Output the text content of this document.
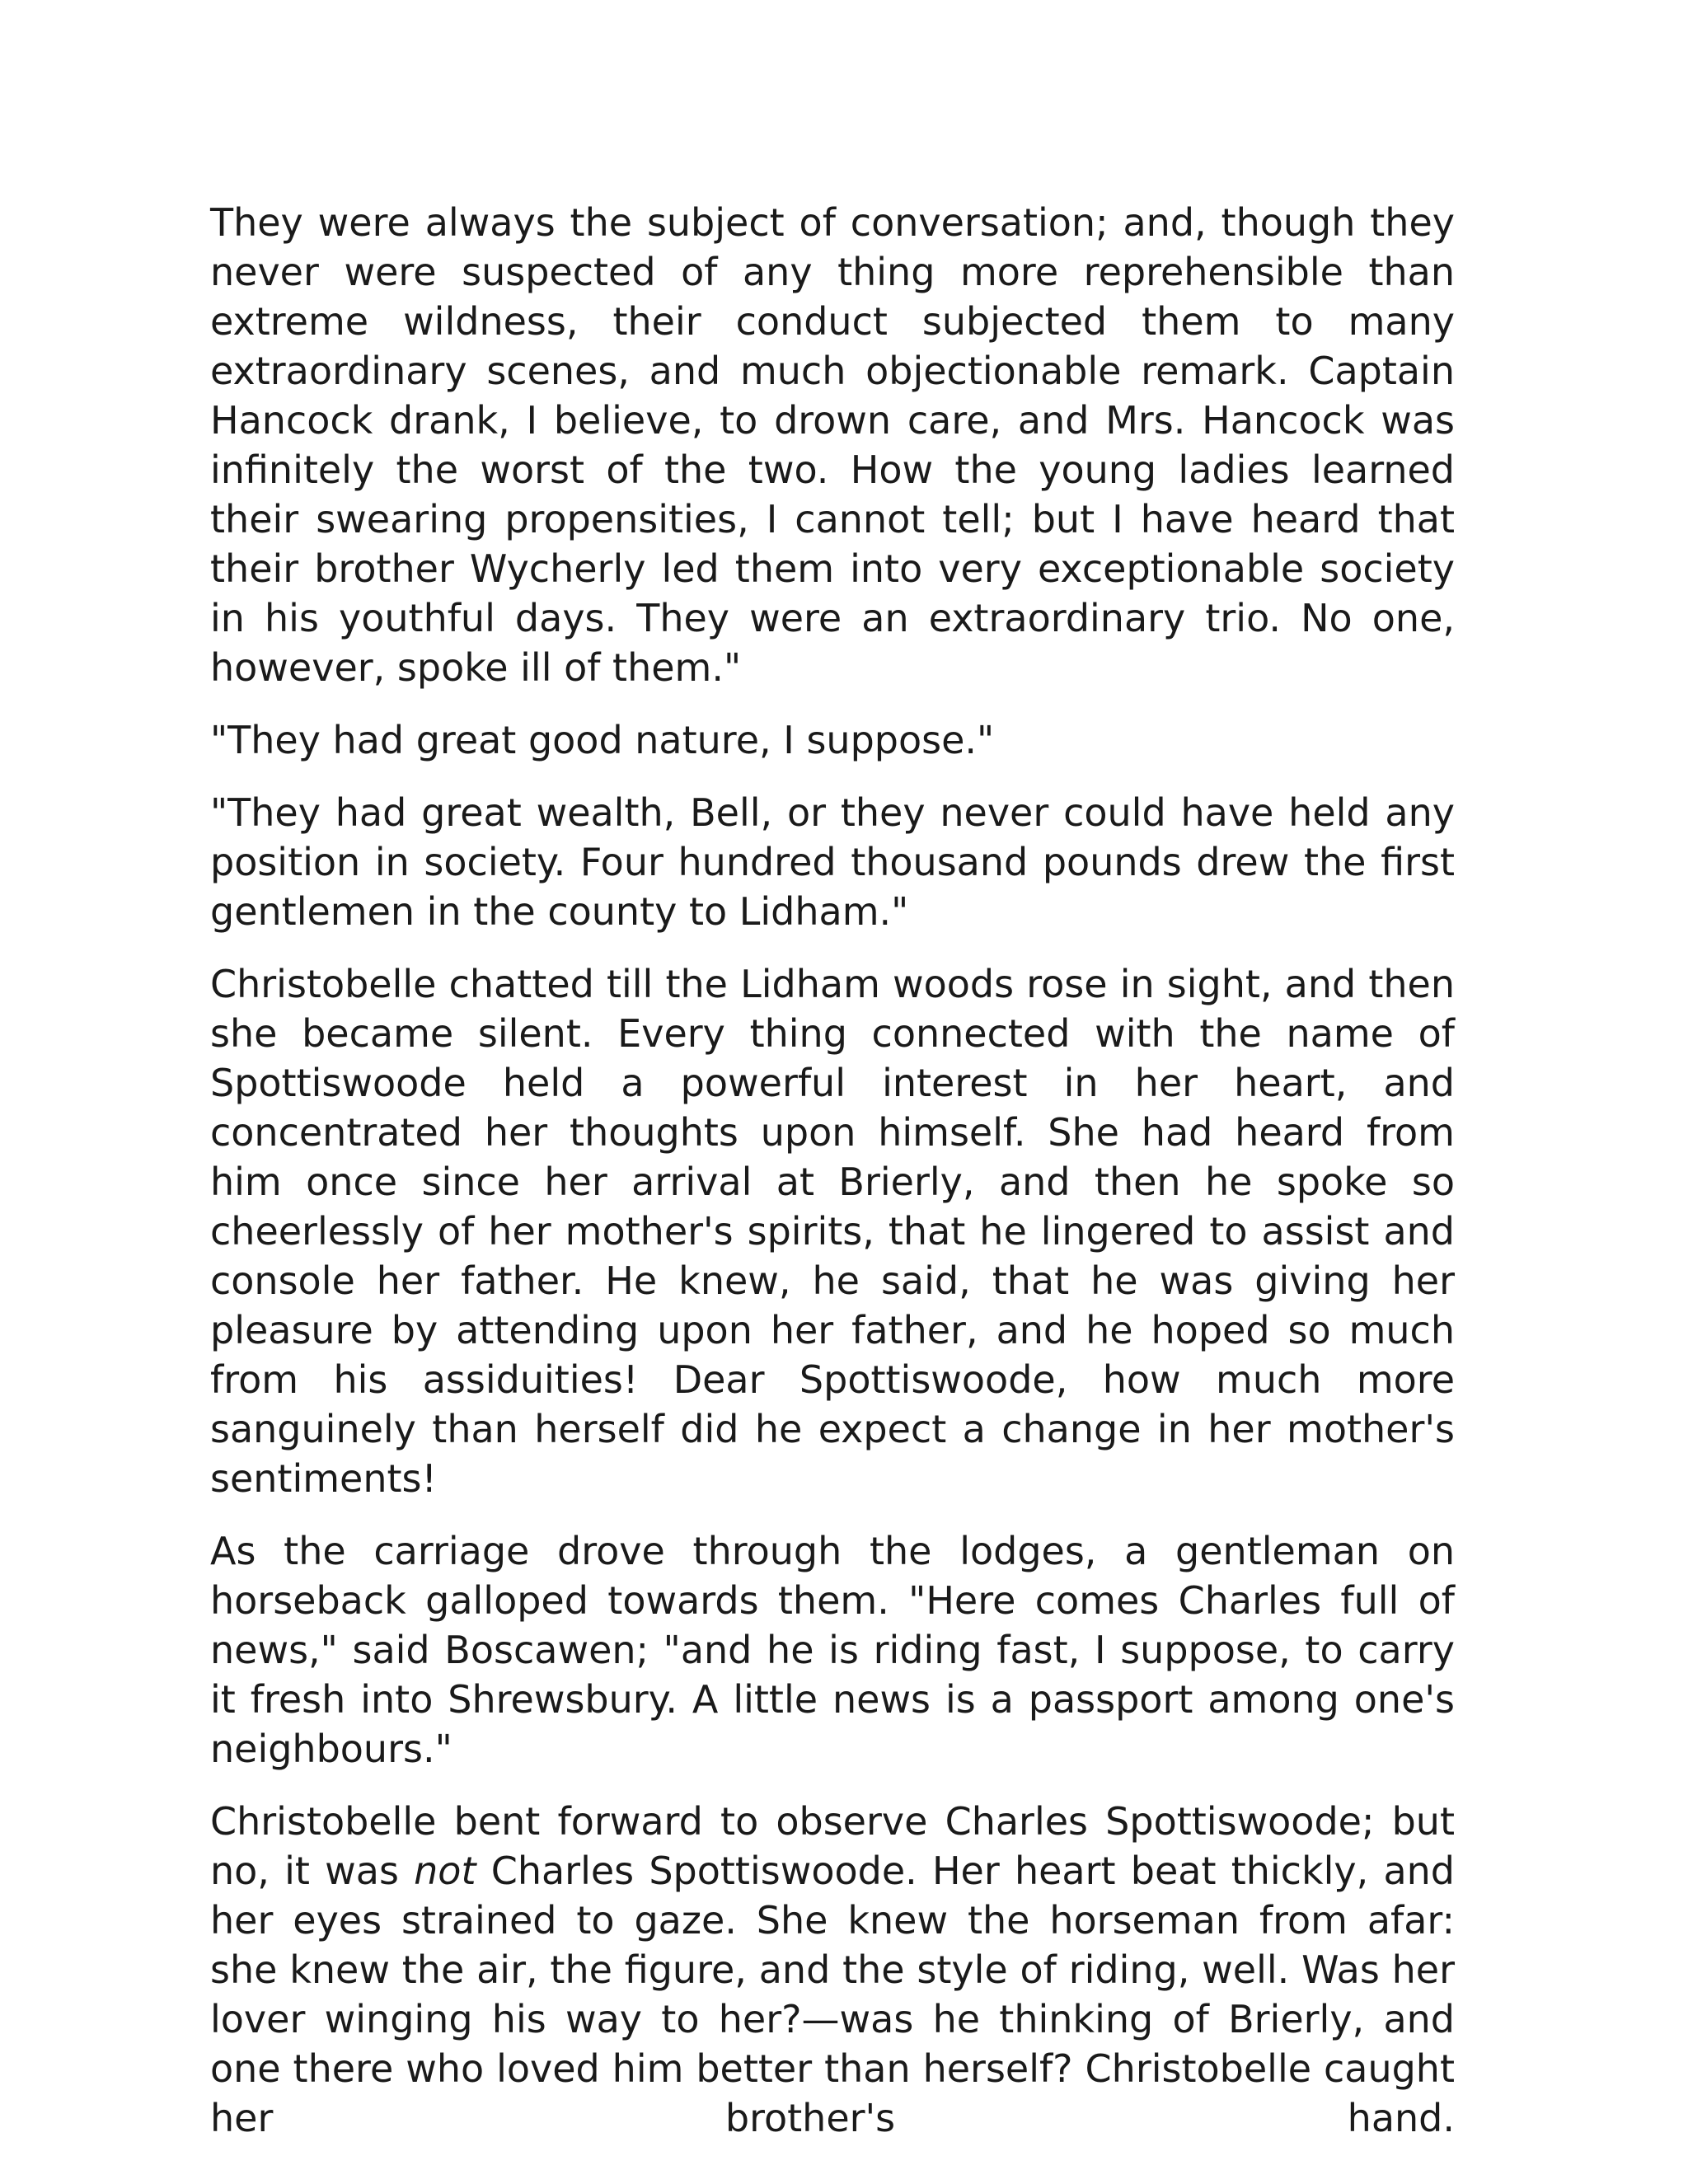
They were always the subject of conversation; and, though they never were suspected of any thing more reprehensible than extreme wildness, their conduct subjected them to many extraordinary scenes, and much objectionable remark. Captain Hancock drank, I believe, to drown care, and Mrs. Hancock was infinitely the worst of the two. How the young ladies learned their swearing propensities, I cannot tell; but I have heard that their brother Wycherly led them into very exceptionable society in his youthful days. They were an extraordinary trio. No one, however, spoke ill of them."

"They had great good nature, I suppose."

"They had great wealth, Bell, or they never could have held any position in society. Four hundred thousand pounds drew the first gentlemen in the county to Lidham."

Christobelle chatted till the Lidham woods rose in sight, and then she became silent. Every thing connected with the name of Spottiswoode held a powerful interest in her heart, and concentrated her thoughts upon himself. She had heard from him once since her arrival at Brierly, and then he spoke so cheerlessly of her mother's spirits, that he lingered to assist and console her father. He knew, he said, that he was giving her pleasure by attending upon her father, and he hoped so much from his assiduities! Dear Spottiswoode, how much more sanguinely than herself did he expect a change in her mother's sentiments!

As the carriage drove through the lodges, a gentleman on horseback galloped towards them. "Here comes Charles full of news," said Boscawen; "and he is riding fast, I suppose, to carry it fresh into Shrewsbury. A little news is a passport among one's neighbours."

Christobelle bent forward to observe Charles Spottiswoode; but no, it was not Charles Spottiswoode. Her heart beat thickly, and her eyes strained to gaze. She knew the horseman from afar: she knew the air, the figure, and the style of riding, well. Was her lover winging his way to her?—was he thinking of Brierly, and one there who loved him better than herself? Christobelle caught her brother's hand.
